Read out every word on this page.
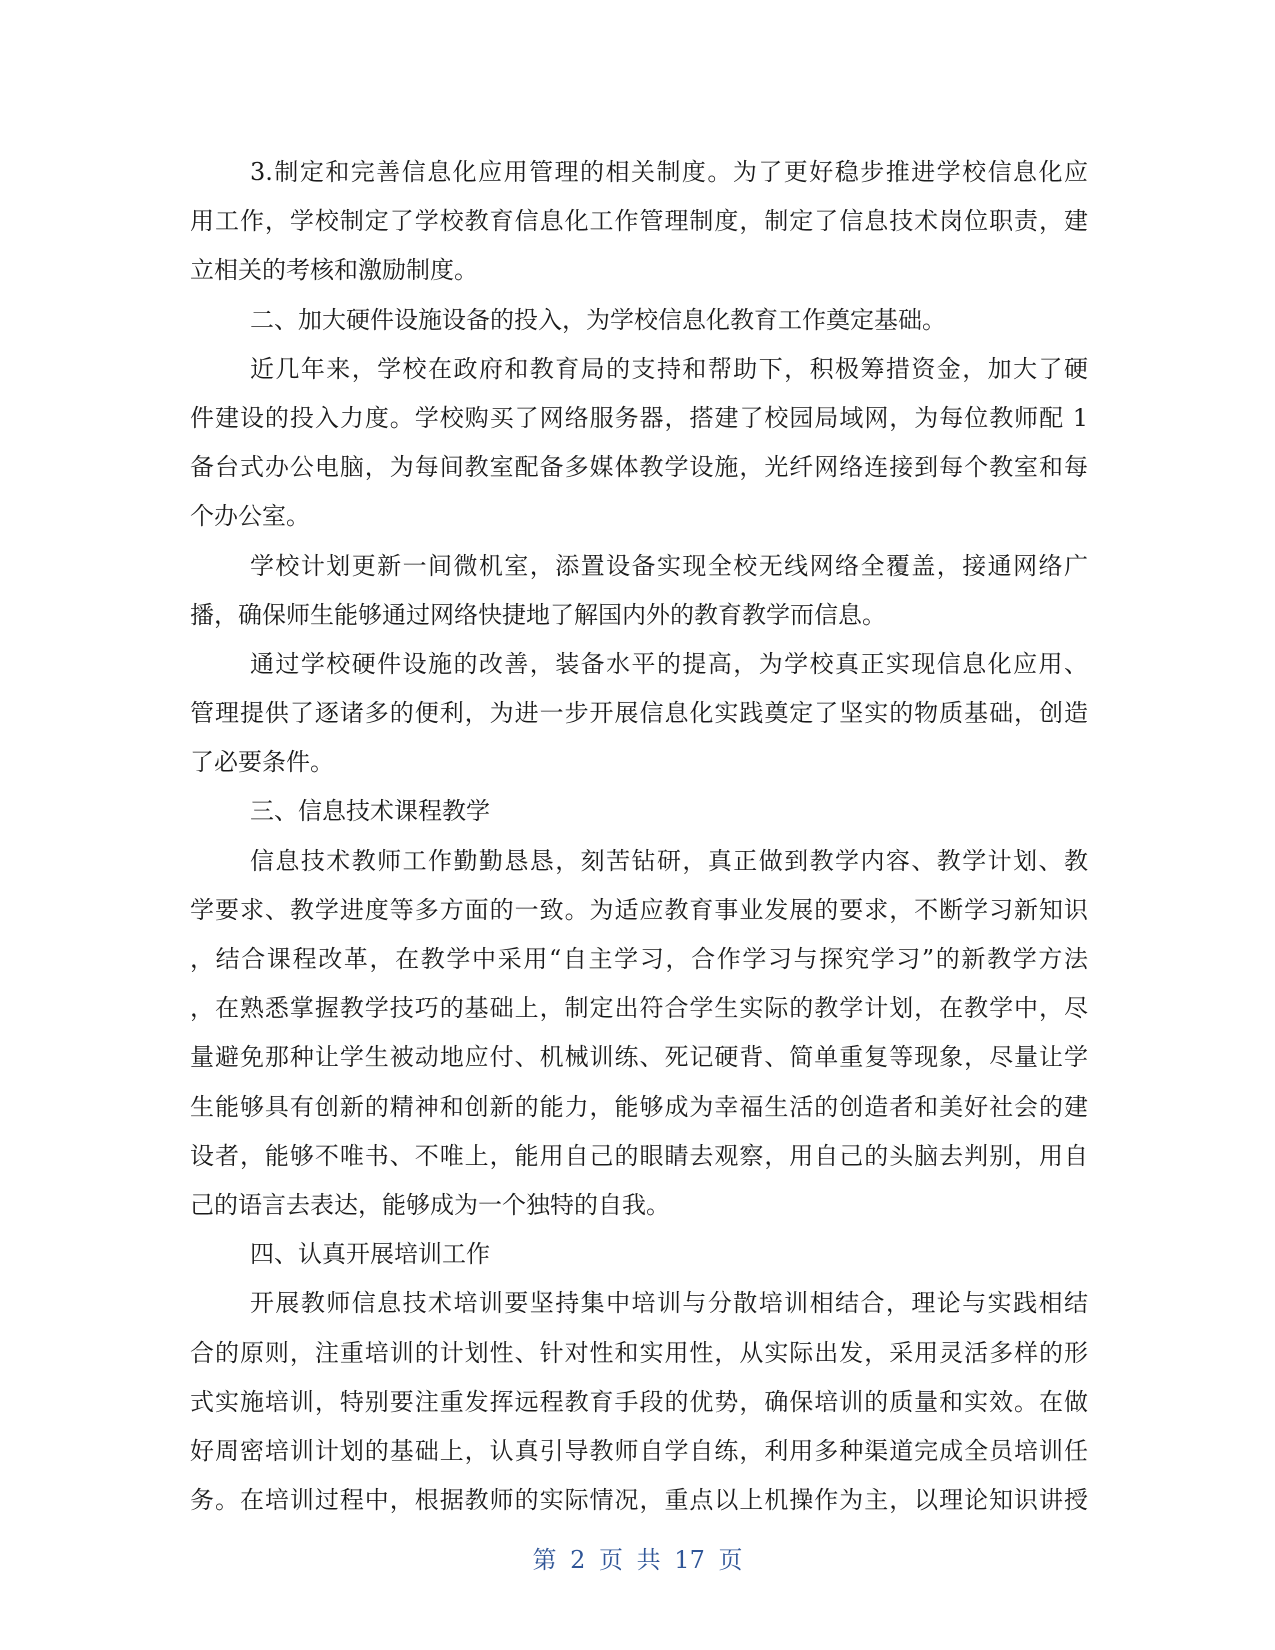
3.制定和完善信息化应用管理的相关制度。为了更好稳步推进学校信息化应
用工作，学校制定了学校教育信息化工作管理制度，制定了信息技术岗位职责，建
立相关的考核和激励制度。
二、加大硬件设施设备的投入，为学校信息化教育工作奠定基础。
近几年来，学校在政府和教育局的支持和帮助下，积极筹措资金，加大了硬
件建设的投入力度。学校购买了网络服务器，搭建了校园局域网，为每位教师配 1
备台式办公电脑，为每间教室配备多媒体教学设施，光纤网络连接到每个教室和每
个办公室。
学校计划更新一间微机室，添置设备实现全校无线网络全覆盖，接通网络广
播，确保师生能够通过网络快捷地了解国内外的教育教学而信息。
通过学校硬件设施的改善，装备水平的提高，为学校真正实现信息化应用、
管理提供了逐诸多的便利，为进一步开展信息化实践奠定了坚实的物质基础，创造
了必要条件。
三、信息技术课程教学
信息技术教师工作勤勤恳恳，刻苦钻研，真正做到教学内容、教学计划、教
学要求、教学进度等多方面的一致。为适应教育事业发展的要求，不断学习新知识
，结合课程改革，在教学中采用“自主学习，合作学习与探究学习”的新教学方法
，在熟悉掌握教学技巧的基础上，制定出符合学生实际的教学计划，在教学中，尽
量避免那种让学生被动地应付、机械训练、死记硬背、简单重复等现象，尽量让学
生能够具有创新的精神和创新的能力，能够成为幸福生活的创造者和美好社会的建
设者，能够不唯书、不唯上，能用自己的眼睛去观察，用自己的头脑去判别，用自
己的语言去表达，能够成为一个独特的自我。
四、认真开展培训工作
开展教师信息技术培训要坚持集中培训与分散培训相结合，理论与实践相结
合的原则，注重培训的计划性、针对性和实用性，从实际出发，采用灵活多样的形
式实施培训，特别要注重发挥远程教育手段的优势，确保培训的质量和实效。在做
好周密培训计划的基础上，认真引导教师自学自练，利用多种渠道完成全员培训任
务。在培训过程中，根据教师的实际情况，重点以上机操作为主，以理论知识讲授
第 2 页 共 17 页
